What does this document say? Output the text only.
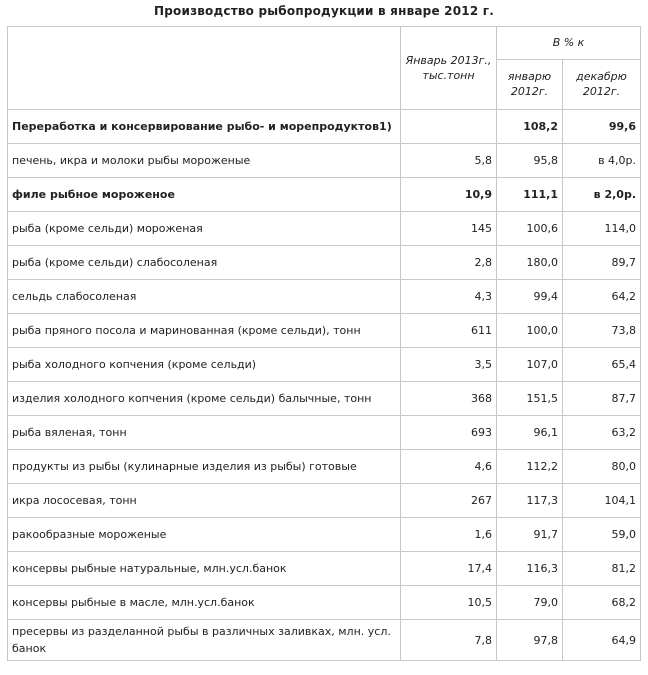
Производство рыбопродукции в январе 2012 г.
	Январь 2013г., тыс.тонн	В % к	
		январю 2012г.	декабрю 2012г.
Переработка и консервирование рыбо- и морепродуктов1)		108,2	99,6
печень, икра и молоки рыбы мороженые	5,8	95,8	в 4,0р.
филе рыбное мороженое	10,9	111,1	в 2,0р.
рыба (кроме сельди) мороженая	145	100,6	114,0
рыба (кроме сельди) слабосоленая	2,8	180,0	89,7
сельдь слабосоленая	4,3	99,4	64,2
рыба пряного посола и маринованная (кроме сельди), тонн	611	100,0	73,8
рыба холодного копчения (кроме сельди)	3,5	107,0	65,4
изделия холодного копчения (кроме сельди) балычные, тонн	368	151,5	87,7
рыба вяленая, тонн	693	96,1	63,2
продукты из рыбы (кулинарные изделия из рыбы) готовые	4,6	112,2	80,0
икра лососевая, тонн	267	117,3	104,1
ракообразные мороженые	1,6	91,7	59,0
консервы рыбные натуральные, млн.усл.банок	17,4	116,3	81,2
консервы рыбные в масле, млн.усл.банок	10,5	79,0	68,2
пресервы из разделанной рыбы в различных заливках, млн. усл. банок	7,8	97,8	64,9
